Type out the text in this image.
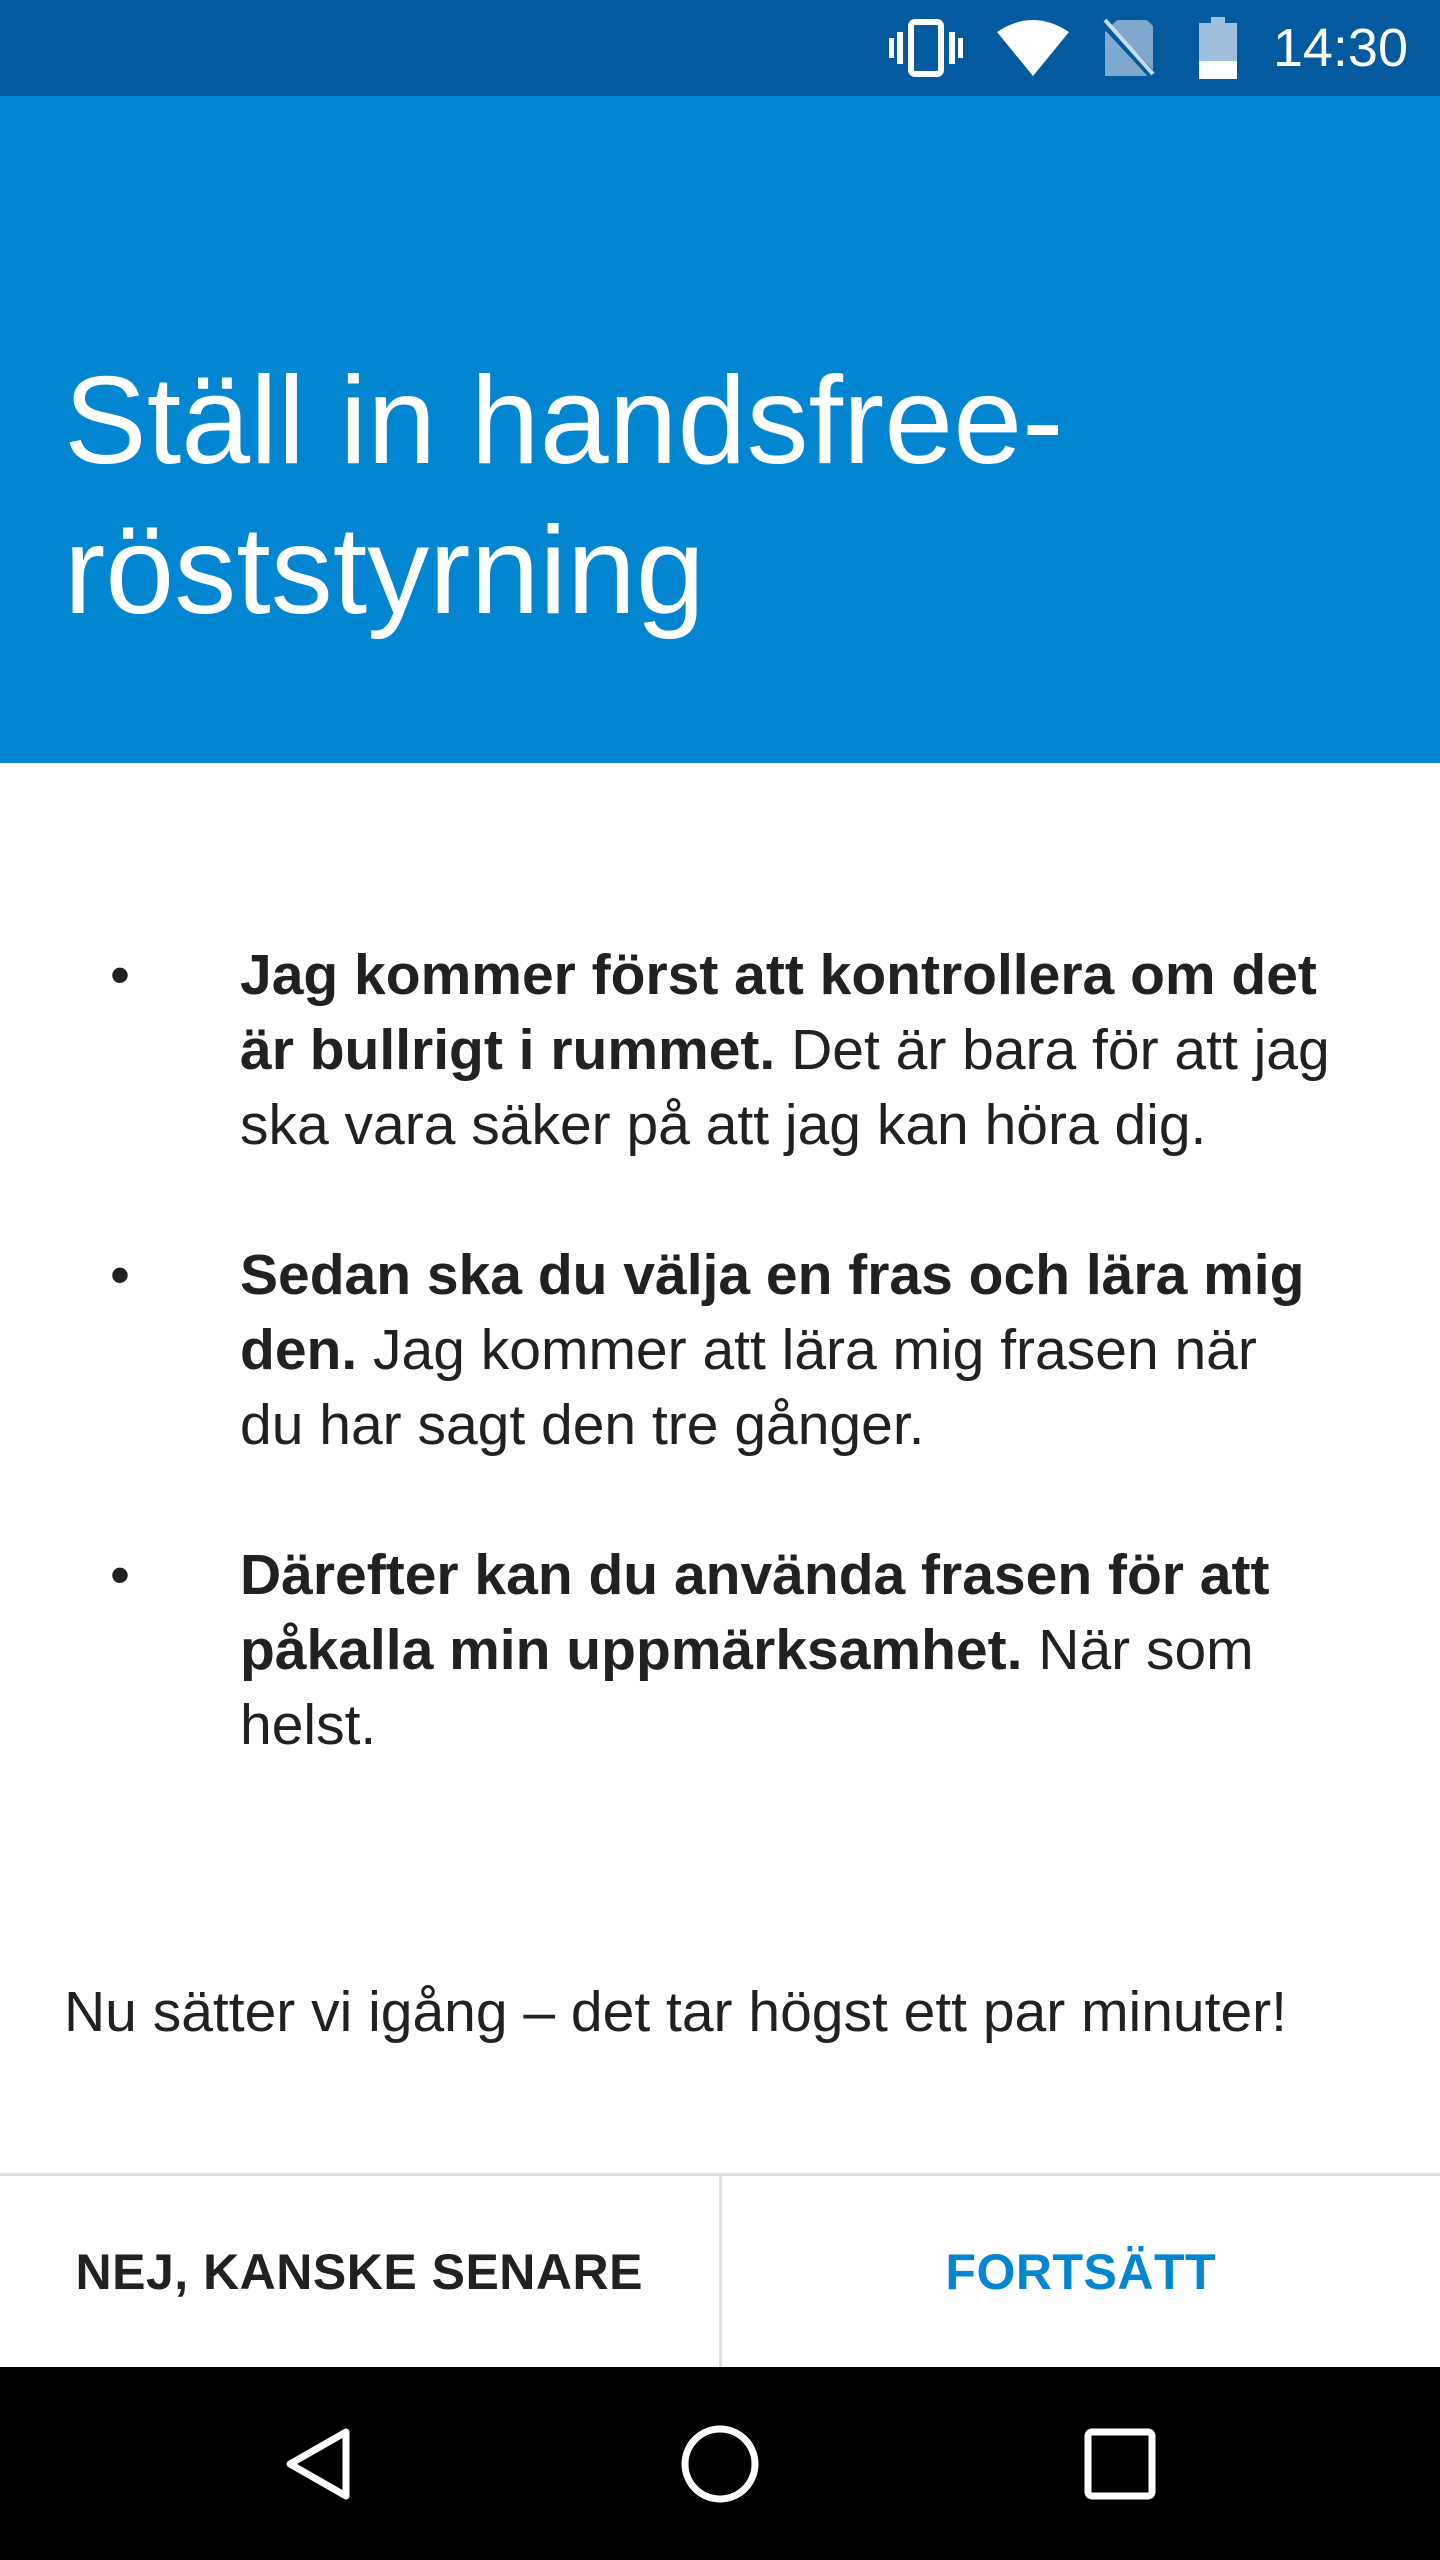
14:30
Ställ in handsfree-röststyrning
• Jag kommer först att kontrollera om det är bullrigt i rummet. Det är bara för att jag ska vara säker på att jag kan höra dig.
• Sedan ska du välja en fras och lära mig den. Jag kommer att lära mig frasen när du har sagt den tre gånger.
• Därefter kan du använda frasen för att påkalla min uppmärksamhet. När som helst.

Nu sätter vi igång – det tar högst ett par minuter!

NEJ, KANSKE SENARE	FORTSÄTT
